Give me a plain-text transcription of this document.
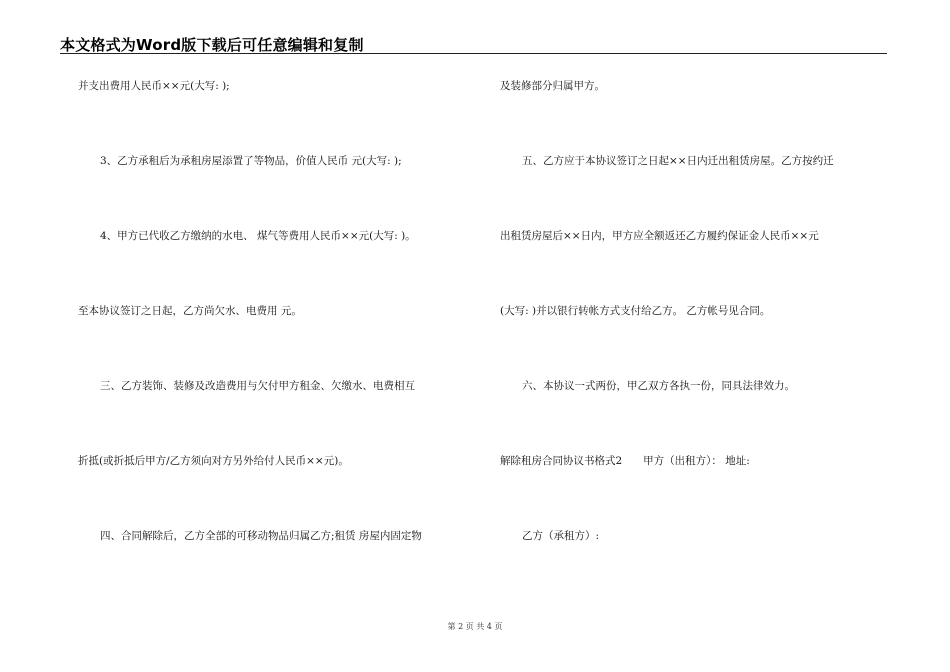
本文格式为Word版下载后可任意编辑和复制
并支出费用人民币××元(大写: );
3、乙方承租后为承租房屋添置了等物品，价值人民币 元(大写: );
4、甲方已代收乙方缴纳的水电、 煤气等费用人民币××元(大写: )。
至本协议签订之日起，乙方尚欠水、电费用 元。
三、乙方装饰、装修及改造费用与欠付甲方租金、欠缴水、电费相互
折抵(或折抵后甲方/乙方须向对方另外给付人民币××元)。
四、合同解除后，乙方全部的可移动物品归属乙方;租赁 房屋内固定物
及装修部分归属甲方。
五、乙方应于本协议签订之日起××日内迁出租赁房屋。乙方按约迁
出租赁房屋后××日内，甲方应全额返还乙方履约保证金人民币××元
(大写: )并以银行转帐方式支付给乙方。 乙方帐号见合同。
六、本协议一式两份，甲乙双方各执一份，同具法律效力。
解除租房合同协议书格式2　　甲方（出租方）： 地址:
乙方（承租方）:
第 2 页 共 4 页
